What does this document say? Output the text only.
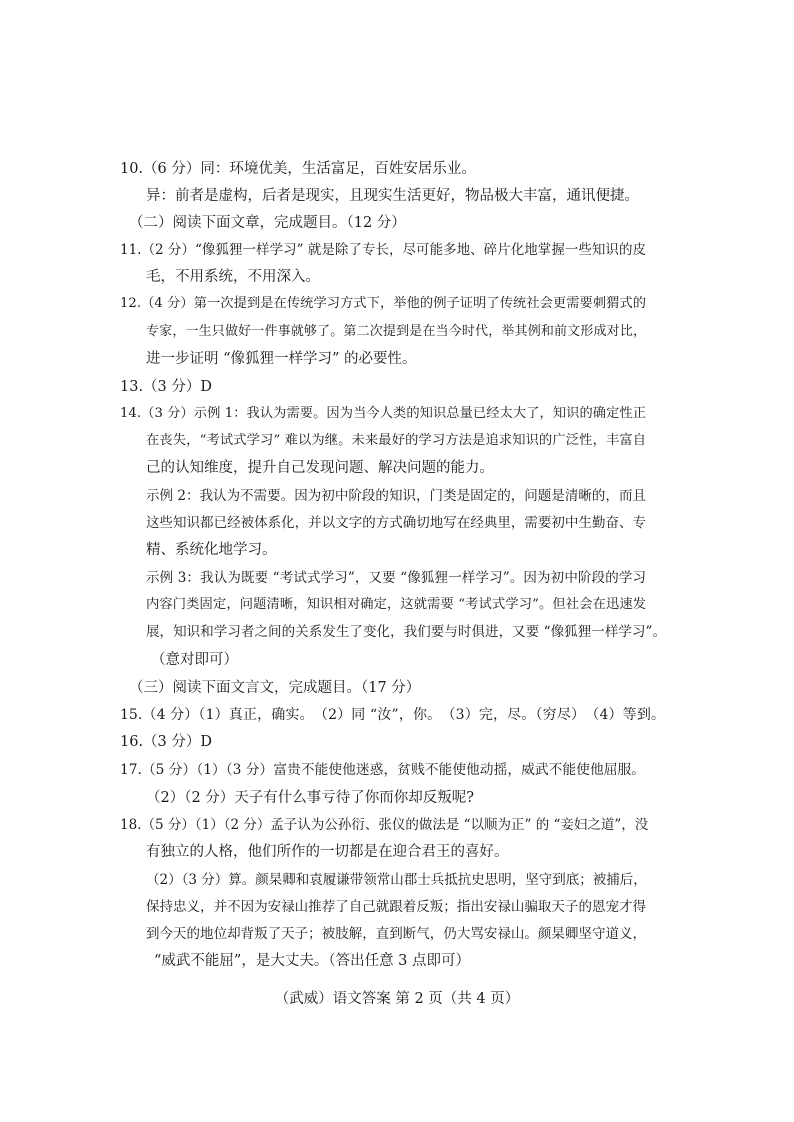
10.（6 分）同：环境优美，生活富足，百姓安居乐业。
异：前者是虚构，后者是现实，且现实生活更好，物品极大丰富，通讯便捷。
（二）阅读下面文章，完成题目。（12 分）
11.（2 分）“像狐狸一样学习” 就是除了专长，尽可能多地、碎片化地掌握一些知识的皮
毛，不用系统，不用深入。
12.（4 分）第一次提到是在传统学习方式下，举他的例子证明了传统社会更需要刺猬式的
专家，一生只做好一件事就够了。第二次提到是在当今时代，举其例和前文形成对比，
进一步证明 “像狐狸一样学习” 的必要性。
13.（3 分）D
14.（3 分）示例 1：我认为需要。因为当今人类的知识总量已经太大了，知识的确定性正
在丧失，“考试式学习” 难以为继。未来最好的学习方法是追求知识的广泛性，丰富自
己的认知维度，提升自己发现问题、解决问题的能力。
示例 2：我认为不需要。因为初中阶段的知识，门类是固定的，问题是清晰的，而且
这些知识都已经被体系化，并以文字的方式确切地写在经典里，需要初中生勤奋、专
精、系统化地学习。
示例 3：我认为既要 “考试式学习”，又要 “像狐狸一样学习”。因为初中阶段的学习
内容门类固定，问题清晰，知识相对确定，这就需要 “考试式学习”。但社会在迅速发
展，知识和学习者之间的关系发生了变化，我们要与时俱进，又要 “像狐狸一样学习”。
（意对即可）
（三）阅读下面文言文，完成题目。（17 分）
15.（4 分）（1）真正，确实。　（2）同 “汝”，你。　（3）完，尽。（穷尽）　（4）等到。
16.（3 分）D
17.（5 分）（1）（3 分）富贵不能使他迷惑，贫贱不能使他动摇，威武不能使他屈服。
（2）（2 分）天子有什么事亏待了你而你却反叛呢?
18.（5 分）（1）（2 分）孟子认为公孙衍、张仪的做法是 “以顺为正” 的 “妾妇之道”，没
有独立的人格，他们所作的一切都是在迎合君王的喜好。
（2）（3 分）算。颜杲卿和袁履谦带领常山郡士兵抵抗史思明，坚守到底；被捕后，
保持忠义，并不因为安禄山推荐了自己就跟着反叛；指出安禄山骗取天子的恩宠才得
到今天的地位却背叛了天子；被肢解，直到断气，仍大骂安禄山。颜杲卿坚守道义，
“威武不能屈”，是大丈夫。（答出任意 3 点即可）
（武威）语文答案 第 2 页（共 4 页）
